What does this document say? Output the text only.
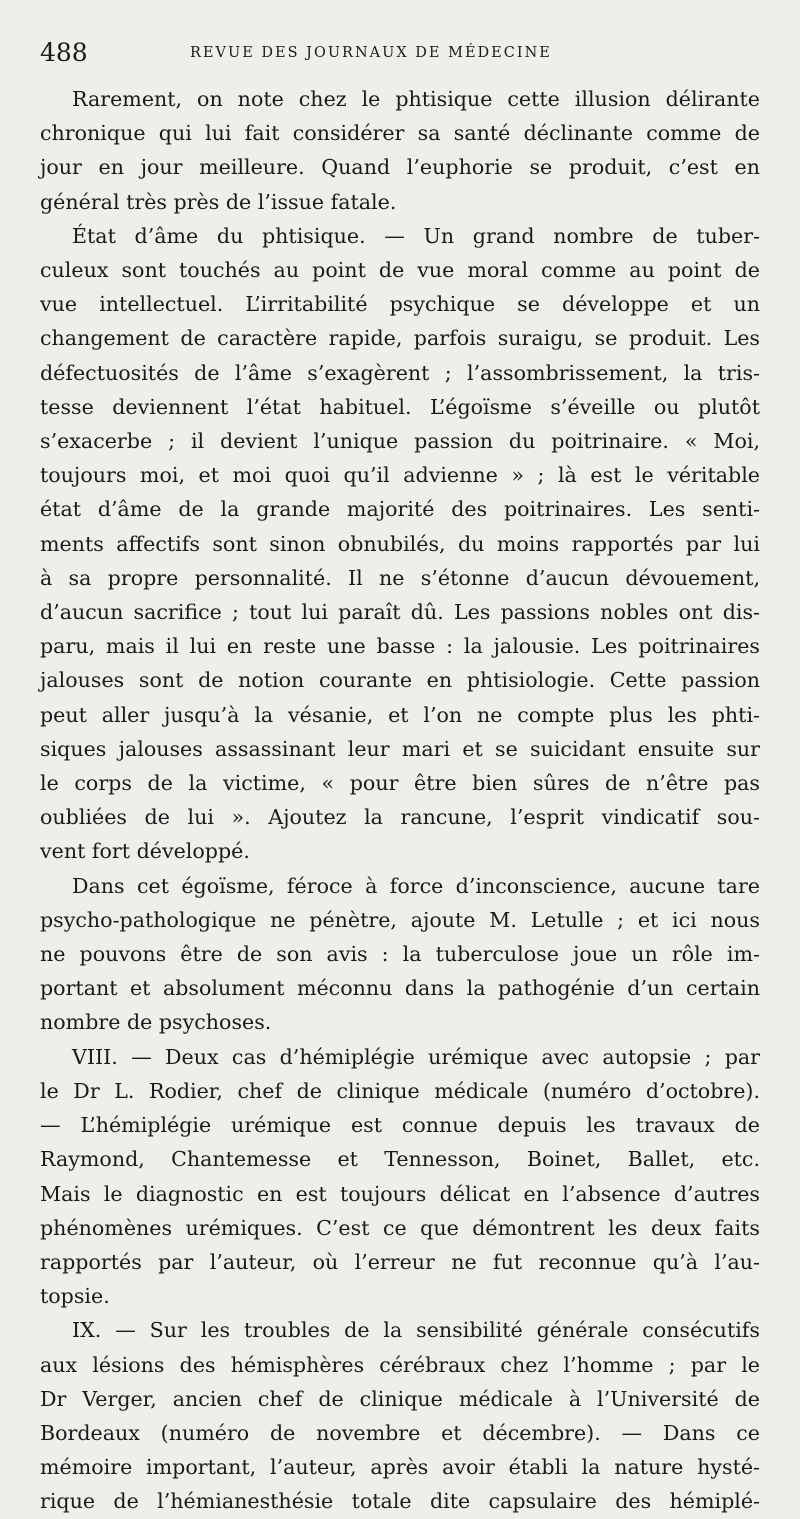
488	REVUE DES JOURNAUX DE MÉDECINE
Rarement, on note chez le phtisique cette illusion délirante
chronique qui lui fait considérer sa santé déclinante comme de
jour en jour meilleure. Quand l’euphorie se produit, c’est en
général très près de l’issue fatale.
État d’âme du phtisique. — Un grand nombre de tuber-
culeux sont touchés au point de vue moral comme au point de
vue intellectuel. L’irritabilité psychique se développe et un
changement de caractère rapide, parfois suraigu, se produit. Les
défectuosités de l’âme s’exagèrent ; l’assombrissement, la tris-
tesse deviennent l’état habituel. L’égoïsme s’éveille ou plutôt
s’exacerbe ; il devient l’unique passion du poitrinaire. « Moi,
toujours moi, et moi quoi qu’il advienne » ; là est le véritable
état d’âme de la grande majorité des poitrinaires. Les senti-
ments affectifs sont sinon obnubilés, du moins rapportés par lui
à sa propre personnalité. Il ne s’étonne d’aucun dévouement,
d’aucun sacrifice ; tout lui paraît dû. Les passions nobles ont dis-
paru, mais il lui en reste une basse : la jalousie. Les poitrinaires
jalouses sont de notion courante en phtisiologie. Cette passion
peut aller jusqu’à la vésanie, et l’on ne compte plus les phti-
siques jalouses assassinant leur mari et se suicidant ensuite sur
le corps de la victime, « pour être bien sûres de n’être pas
oubliées de lui ». Ajoutez la rancune, l’esprit vindicatif sou-
vent fort développé.
Dans cet égoïsme, féroce à force d’inconscience, aucune tare
psycho-pathologique ne pénètre, ajoute M. Letulle ; et ici nous
ne pouvons être de son avis : la tuberculose joue un rôle im-
portant et absolument méconnu dans la pathogénie d’un certain
nombre de psychoses.
VIII. — Deux cas d’hémiplégie urémique avec autopsie ; par
le Dr L. Rodier, chef de clinique médicale (numéro d’octobre).
— L’hémiplégie urémique est connue depuis les travaux de
Raymond, Chantemesse et Tennesson, Boinet, Ballet, etc.
Mais le diagnostic en est toujours délicat en l’absence d’autres
phénomènes urémiques. C’est ce que démontrent les deux faits
rapportés par l’auteur, où l’erreur ne fut reconnue qu’à l’au-
topsie.
IX. — Sur les troubles de la sensibilité générale consécutifs
aux lésions des hémisphères cérébraux chez l’homme ; par le
Dr Verger, ancien chef de clinique médicale à l’Université de
Bordeaux (numéro de novembre et décembre). — Dans ce
mémoire important, l’auteur, après avoir établi la nature hysté-
rique de l’hémianesthésie totale dite capsulaire des hémiplé-
